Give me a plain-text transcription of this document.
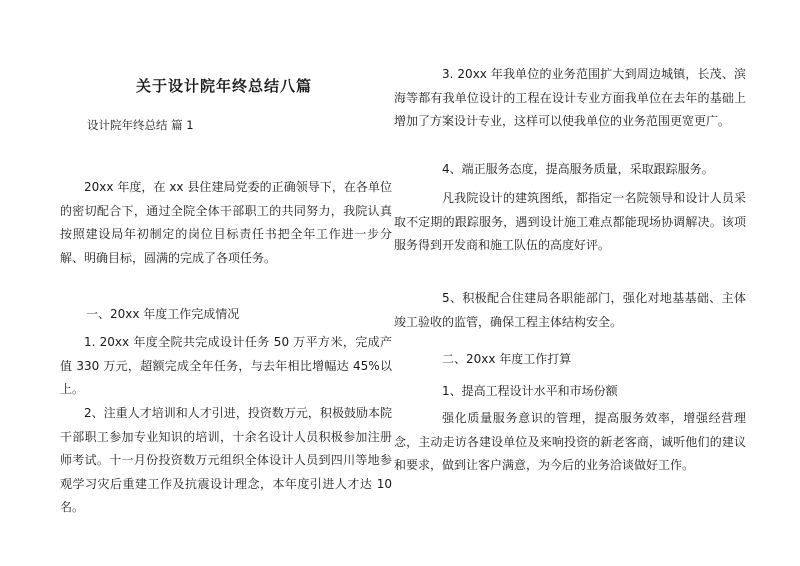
关于设计院年终总结八篇
设计院年终总结 篇 1

20xx 年度，在 xx 县住建局党委的正确领导下，在各单位的密切配合下，通过全院全体干部职工的共同努力，我院认真按照建设局年初制定的岗位目标责任书把全年工作进一步分解、明确目标，圆满的完成了各项任务。

一、20xx 年度工作完成情况

1. 20xx 年度全院共完成设计任务 50 万平方米，完成产值 330 万元，超额完成全年任务，与去年相比增幅达 45%以上。

2、注重人才培训和人才引进，投资数万元，积极鼓励本院干部职工参加专业知识的培训，十余名设计人员积极参加注册师考试。十一月份投资数万元组织全体设计人员到四川等地参观学习灾后重建工作及抗震设计理念，本年度引进人才达 10 名。

3. 20xx 年我单位的业务范围扩大到周边城镇，长茂、滨海等都有我单位设计的工程在设计专业方面我单位在去年的基础上增加了方案设计专业，这样可以使我单位的业务范围更宽更广。

4、端正服务态度，提高服务质量，采取跟踪服务。

凡我院设计的建筑图纸，都指定一名院领导和设计人员采取不定期的跟踪服务，遇到设计施工难点都能现场协调解决。该项服务得到开发商和施工队伍的高度好评。

5、积极配合住建局各职能部门，强化对地基基础、主体竣工验收的监管，确保工程主体结构安全。

二、20xx 年度工作打算
1、提高工程设计水平和市场份额

强化质量服务意识的管理，提高服务效率，增强经营理念，主动走访各建设单位及来响投资的新老客商，诚听他们的建议和要求，做到让客户满意，为今后的业务洽谈做好工作。
